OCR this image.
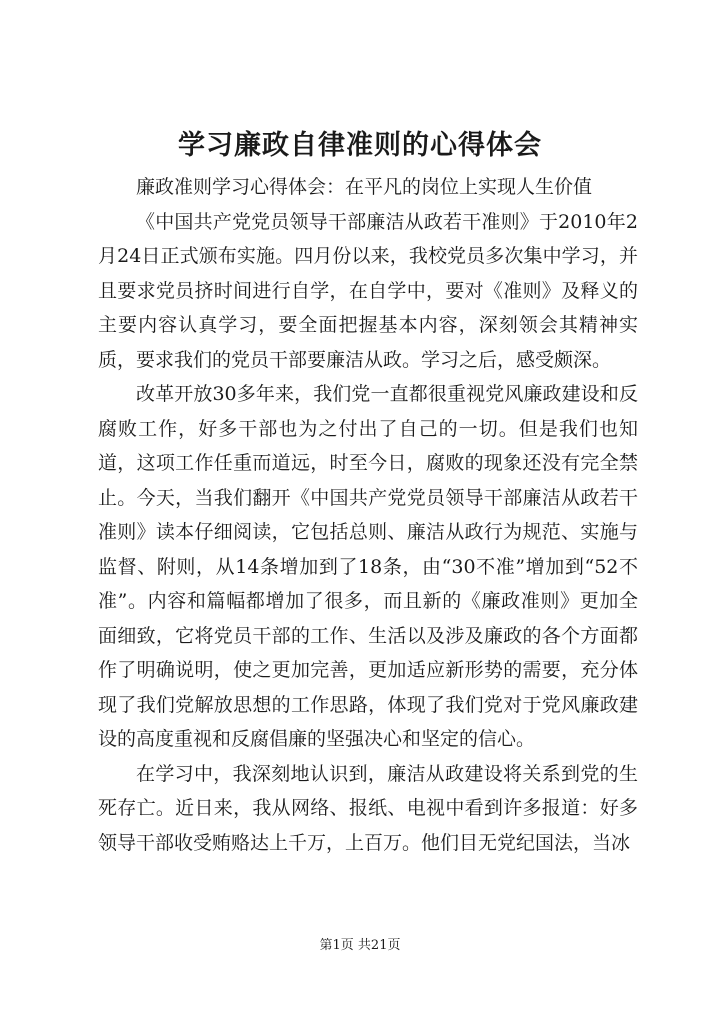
学习廉政自律准则的心得体会

廉政准则学习心得体会：在平凡的岗位上实现人生价值

《中国共产党党员领导干部廉洁从政若干准则》于2010年2月24日正式颁布实施。四月份以来，我校党员多次集中学习，并且要求党员挤时间进行自学，在自学中，要对《准则》及释义的主要内容认真学习，要全面把握基本内容，深刻领会其精神实质，要求我们的党员干部要廉洁从政。学习之后，感受颇深。

改革开放30多年来，我们党一直都很重视党风廉政建设和反腐败工作，好多干部也为之付出了自己的一切。但是我们也知道，这项工作任重而道远，时至今日，腐败的现象还没有完全禁止。今天，当我们翻开《中国共产党党员领导干部廉洁从政若干准则》读本仔细阅读，它包括总则、廉洁从政行为规范、实施与监督、附则，从14条增加到了18条，由“30不准”增加到“52不准”。内容和篇幅都增加了很多，而且新的《廉政准则》更加全面细致，它将党员干部的工作、生活以及涉及廉政的各个方面都作了明确说明，使之更加完善，更加适应新形势的需要，充分体现了我们党解放思想的工作思路，体现了我们党对于党风廉政建设的高度重视和反腐倡廉的坚强决心和坚定的信心。

在学习中，我深刻地认识到，廉洁从政建设将关系到党的生死存亡。近日来，我从网络、报纸、电视中看到许多报道：好多领导干部收受贿赂达上千万，上百万。他们目无党纪国法，当冰

第1页 共21页
